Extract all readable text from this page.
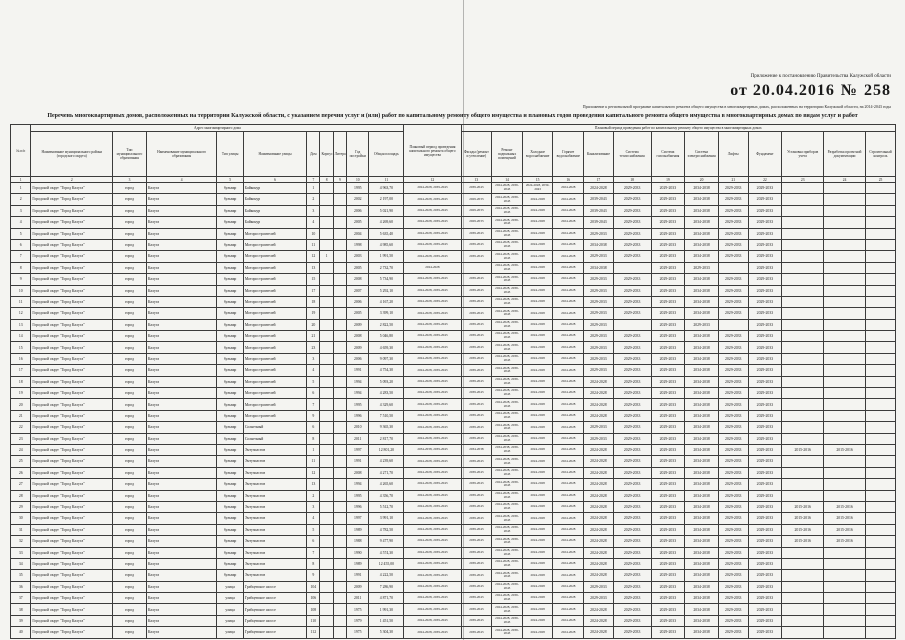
Приложение к постановлению Правительства Калужской области
от 20.04.2016 № 258
Приложение к региональной программе капитального ремонта общего имущества в многоквартирных домах, расположенных на территории Калужской области, на 2014-2043 годы
Перечень многоквартирных домов, расположенных на территории Калужской области, с указанием перечня услуг и (или) работ по капитальному ремонту общего имущества и плановых годов проведения капитального ремонта общего имущества в многоквартирных домах по видам услуг и работ
№ п/п	Адрес многоквартирного дома										Плановый период проведения капитального ремонта общего имущества	Плановый период проведения работ по капитальному ремонту общего имущества в многоквартирных домах												
	Наименование муниципального района (городского округа)	Тип муниципального образования	Наименование муниципального образования	Тип улицы	Наименование улицы	Дом	Корпус	Литера	Год постройки	Общая площадь		Фасады (ремонт и утепление)	Ремонт подвальных помещений	Холодное водоснабжение	Горячее водоснабжение	Канализование	Система теплоснабжения	Система газоснабжения	Система электроснабжения	Лифты	Фундамент	Установка приборов учета	Разработка проектной документации	Строительный контроль
1	2	3	4	5	6	7	8	9	10	11	12	13	14	15	16	17	18	19	20	21	22	23	24	25
1	Городской округ "Город Калуга"	город	Калуга	бульвар	Байконур	1			1995	4 963,70	2024-2028, 2039-2043	2039-2043	2024-2028, 2039-2043	2024-2028, 2039-2043	2024-2028	2024-2028	2029-2033	2029-2033	2034-2038	2029-2033	2029-2033			
2	Городской округ "Город Калуга"	город	Калуга	бульвар	Байконур	2			2002	2 197,00	2024-2028, 2039-2043	2029-2033	2024-2028, 2039-2043	2024-2028	2024-2028	2039-2043	2029-2033	2029-2033	2034-2038	2029-2033	2029-2033			
3	Городской округ "Город Калуга"	город	Калуга	бульвар	Байконур	3			2006	5 021,90	2024-2028, 2039-2043	2029-2033	2024-2028, 2039-2043	2024-2028	2024-2028	2039-2043	2029-2033	2029-2033	2034-2038	2029-2033	2029-2033			
4	Городской округ "Город Калуга"	город	Калуга	бульвар	Байконур	4			2005	4 269,60	2024-2028, 2039-2043	2029-2033	2024-2028, 2039-2043	2024-2028	2024-2028	2039-2043	2029-2033	2029-2033	2034-2038	2029-2033	2029-2033			
5	Городской округ "Город Калуга"	город	Калуга	бульвар	Моторостроителей	10			2004	5 635,40	2024-2028, 2039-2043	2039-2043	2024-2028, 2039-2043	2024-2028	2024-2028	2029-2033	2029-2033	2029-2033	2034-2038	2029-2033	2029-2033			
6	Городской округ "Город Калуга"	город	Калуга	бульвар	Моторостроителей	11			1998	4 985,60	2024-2028, 2039-2043	2039-2043	2024-2028, 2039-2043	2024-2028	2024-2028	2034-2038	2029-2033	2029-2033	2034-2038	2029-2033	2029-2033			
7	Городской округ "Город Калуга"	город	Калуга	бульвар	Моторостроителей	12	1		2003	1 991,50	2024-2028, 2039-2043	2039-2043	2024-2028, 2039-2043	2024-2028	2024-2028	2029-2033	2029-2033	2029-2033	2034-2038	2029-2033	2029-2033			
8	Городской округ "Город Калуга"	город	Калуга	бульвар	Моторостроителей	13			2005	2 732,70	2024-2028		2024-2028, 2039-2043	2024-2028	2024-2028	2034-2038		2029-2033	2029-2033		2029-2033			
9	Городской округ "Город Калуга"	город	Калуга	бульвар	Моторостроителей	15			2008	5 734,90	2024-2028, 2039-2043	2039-2043	2024-2028, 2039-2043	2024-2028	2024-2028	2029-2033	2029-2033	2029-2033	2034-2038	2029-2033	2029-2033			
10	Городской округ "Город Калуга"	город	Калуга	бульвар	Моторостроителей	17			2007	5 292,10	2024-2028, 2039-2043	2039-2043	2024-2028, 2039-2043	2024-2028	2024-2028	2029-2033	2029-2033	2029-2033	2034-2038	2029-2033	2029-2033			
11	Городской округ "Город Калуга"	город	Калуга	бульвар	Моторостроителей	18			2006	4 167,20	2024-2028, 2039-2043	2039-2043	2024-2028, 2039-2043	2024-2028	2024-2028	2029-2033	2029-2033	2029-2033	2034-2038	2029-2033	2029-2033			
12	Городской округ "Город Калуга"	город	Калуга	бульвар	Моторостроителей	19			2005	3 399,10	2024-2028, 2039-2043	2039-2043	2024-2028, 2039-2043	2024-2028	2024-2028	2029-2033	2029-2033	2029-2033	2034-2038	2029-2033	2029-2033			
13	Городской округ "Город Калуга"	город	Калуга	бульвар	Моторостроителей	20			2009	2 822,50	2024-2028, 2039-2043	2039-2043	2024-2028, 2039-2043	2024-2028	2024-2028	2029-2033		2029-2033	2029-2033		2029-2033			
14	Городской округ "Город Калуга"	город	Калуга	бульвар	Моторостроителей	21			2008	5 046,80	2024-2028, 2039-2043	2039-2043	2024-2028, 2039-2043	2024-2028	2024-2028	2029-2033	2029-2033	2029-2033	2034-2038	2029-2033	2029-2033			
15	Городской округ "Город Калуга"	город	Калуга	бульвар	Моторостроителей	23			2009	4 659,30	2024-2028, 2039-2043	2039-2043	2024-2028, 2039-2043	2024-2028	2024-2028	2029-2033	2029-2033	2029-2033	2034-2038	2029-2033	2029-2033			
16	Городской округ "Город Калуга"	город	Калуга	бульвар	Моторостроителей	3			2006	9 097,30	2024-2028, 2039-2043	2039-2043	2024-2028, 2039-2043	2024-2028	2024-2028	2029-2033	2029-2033	2029-2033	2034-2038	2029-2033	2029-2033			
17	Городской округ "Город Калуга"	город	Калуга	бульвар	Моторостроителей	4			1991	4 754,30	2024-2028, 2039-2043	2039-2043	2024-2028, 2039-2043	2024-2028	2024-2028	2029-2033	2029-2033	2029-2033	2034-2038	2029-2033	2029-2033			
18	Городской округ "Город Калуга"	город	Калуга	бульвар	Моторостроителей	5			1994	5 093,20	2024-2028, 2039-2043	2039-2043	2024-2028, 2039-2043	2024-2028	2024-2028	2024-2028	2029-2033	2029-2033	2034-2038	2029-2033	2029-2033			
19	Городской округ "Город Калуга"	город	Калуга	бульвар	Моторостроителей	6			1994	4 283,50	2024-2028, 2039-2043	2039-2043	2024-2028, 2039-2043	2024-2028	2024-2028	2024-2028	2029-2033	2029-2033	2034-2038	2029-2033	2029-2033			
20	Городской округ "Город Калуга"	город	Калуга	бульвар	Моторостроителей	7			1995	4 329,60	2024-2028, 2039-2043	2039-2043	2024-2028, 2039-2043	2024-2028	2024-2028	2024-2028	2029-2033	2029-2033	2034-2038	2029-2033	2029-2033			
21	Городской округ "Город Калуга"	город	Калуга	бульвар	Моторостроителей	9			1996	7 510,50	2024-2028, 2039-2043	2039-2043	2024-2028, 2039-2043	2024-2028	2024-2028	2024-2028	2029-2033	2029-2033	2034-2038	2029-2033	2029-2033			
22	Городской округ "Город Калуга"	город	Калуга	бульвар	Солнечный	6			2010	9 365,30	2024-2028, 2039-2043	2039-2043	2024-2028, 2039-2043	2024-2028	2024-2028	2029-2033	2029-2033	2029-2033	2034-2038	2029-2033	2029-2033			
23	Городской округ "Город Калуга"	город	Калуга	бульвар	Солнечный	8			2011	2 817,70	2024-2028, 2039-2043	2039-2043	2024-2028, 2039-2043	2024-2028	2024-2028	2029-2033	2029-2033	2029-2033	2034-2038	2029-2033	2029-2033			
24	Городской округ "Город Калуга"	город	Калуга	бульвар	Энтузиастов	1			1997	12 801,20	2034-2038, 2039-2043	2034-2038	2034-2038, 2039-2043	2024-2028	2024-2028	2024-2028	2029-2033	2029-2033	2034-2038	2029-2033	2029-2033	2015-2016	2015-2016	
25	Городской округ "Город Калуга"	город	Калуга	бульвар	Энтузиастов	11			1991	4 239,60	2024-2028, 2039-2043	2039-2043	2024-2028, 2039-2043	2024-2028	2024-2028	2024-2028	2029-2033	2029-2033	2034-2038	2029-2033	2029-2033			
26	Городской округ "Город Калуга"	город	Калуга	бульвар	Энтузиастов	12			2008	4 271,70	2024-2028, 2039-2043	2039-2043	2024-2028, 2039-2043	2024-2028	2024-2028	2024-2028	2029-2033	2029-2033	2034-2038	2029-2033	2029-2033			
27	Городской округ "Город Калуга"	город	Калуга	бульвар	Энтузиастов	13			1994	4 265,60	2024-2028, 2039-2043	2039-2043	2024-2028, 2039-2043	2024-2028	2024-2028	2024-2028	2029-2033	2029-2033	2034-2038	2029-2033	2029-2033			
28	Городской округ "Город Калуга"	город	Калуга	бульвар	Энтузиастов	2			1995	4 356,70	2024-2028, 2039-2043	2039-2043	2024-2028, 2039-2043	2024-2028	2024-2028	2024-2028	2029-2033	2029-2033	2034-2038	2029-2033	2029-2033			
29	Городской округ "Город Калуга"	город	Калуга	бульвар	Энтузиастов	3			1996	5 512,70	2024-2028, 2039-2043	2039-2043	2024-2028, 2039-2043	2024-2028	2024-2028	2024-2028	2029-2033	2029-2033	2034-2038	2029-2033	2029-2033	2015-2016	2015-2016	
30	Городской округ "Город Калуга"	город	Калуга	бульвар	Энтузиастов	4			1997	3 991,10	2024-2028, 2039-2043	2039-2043	2024-2028, 2039-2043	2024-2028	2024-2028	2024-2028	2029-2033	2029-2033	2034-2038	2029-2033	2029-2033	2015-2016	2015-2016	
31	Городской округ "Город Калуга"	город	Калуга	бульвар	Энтузиастов	5			1989	4 782,50	2024-2028, 2039-2043	2039-2043	2024-2028, 2039-2043	2024-2028	2024-2028	2024-2028	2029-2033	2029-2033	2034-2038	2029-2033	2029-2033	2015-2016	2015-2016	
32	Городской округ "Город Калуга"	город	Калуга	бульвар	Энтузиастов	6			1988	9 477,90	2024-2028, 2039-2043	2039-2043	2024-2028, 2039-2043	2024-2028	2024-2028	2024-2028	2029-2033	2029-2033	2034-2038	2029-2033	2029-2033	2015-2016	2015-2016	
33	Городской округ "Город Калуга"	город	Калуга	бульвар	Энтузиастов	7			1990	4 574,30	2024-2028, 2039-2043	2039-2043	2024-2028, 2039-2043	2024-2028	2024-2028	2024-2028	2029-2033	2029-2033	2034-2038	2029-2033	2029-2033			
34	Городской округ "Город Калуга"	город	Калуга	бульвар	Энтузиастов	8			1989	12 455,00	2024-2028, 2039-2043	2039-2043	2024-2028, 2039-2043	2024-2028	2024-2028	2024-2028	2029-2033	2029-2033	2034-2038	2029-2033	2029-2033			
35	Городской округ "Город Калуга"	город	Калуга	бульвар	Энтузиастов	9			1991	4 222,50	2024-2028, 2039-2043	2039-2043	2024-2028, 2039-2043	2024-2028	2024-2028	2024-2028	2029-2033	2029-2033	2034-2038	2029-2033	2029-2033			
36	Городской округ "Город Калуга"	город	Калуга	улица	Грабцевское шоссе	104			2009	7 286,90	2024-2028, 2039-2043	2039-2043	2024-2028, 2039-2043	2024-2028	2024-2028	2029-2033	2029-2033	2029-2033	2034-2038	2029-2033	2029-2033			
37	Городской округ "Город Калуга"	город	Калуга	улица	Грабцевское шоссе	106			2011	4 871,70	2024-2028, 2039-2043	2039-2043	2024-2028, 2039-2043	2024-2028	2024-2028	2029-2033	2029-2033	2029-2033	2034-2038	2029-2033	2029-2033			
38	Городской округ "Город Калуга"	город	Калуга	улица	Грабцевское шоссе	108			1975	1 991,30	2024-2028, 2039-2043	2039-2043	2024-2028, 2039-2043	2024-2028	2024-2028	2024-2028	2029-2033	2029-2033	2034-2038	2029-2033	2029-2033			
39	Городской округ "Город Калуга"	город	Калуга	улица	Грабцевское шоссе	110			1979	1 451,50	2024-2028, 2039-2043	2039-2043	2024-2028, 2039-2043	2024-2028	2024-2028	2024-2028	2029-2033	2029-2033	2034-2038	2029-2033	2029-2033			
40	Городской округ "Город Калуга"	город	Калуга	улица	Грабцевское шоссе	112			1975	5 304,30	2024-2028, 2039-2043	2039-2043	2024-2028, 2039-2043	2024-2028	2024-2028	2024-2028	2029-2033	2029-2033	2034-2038	2029-2033	2029-2033			
